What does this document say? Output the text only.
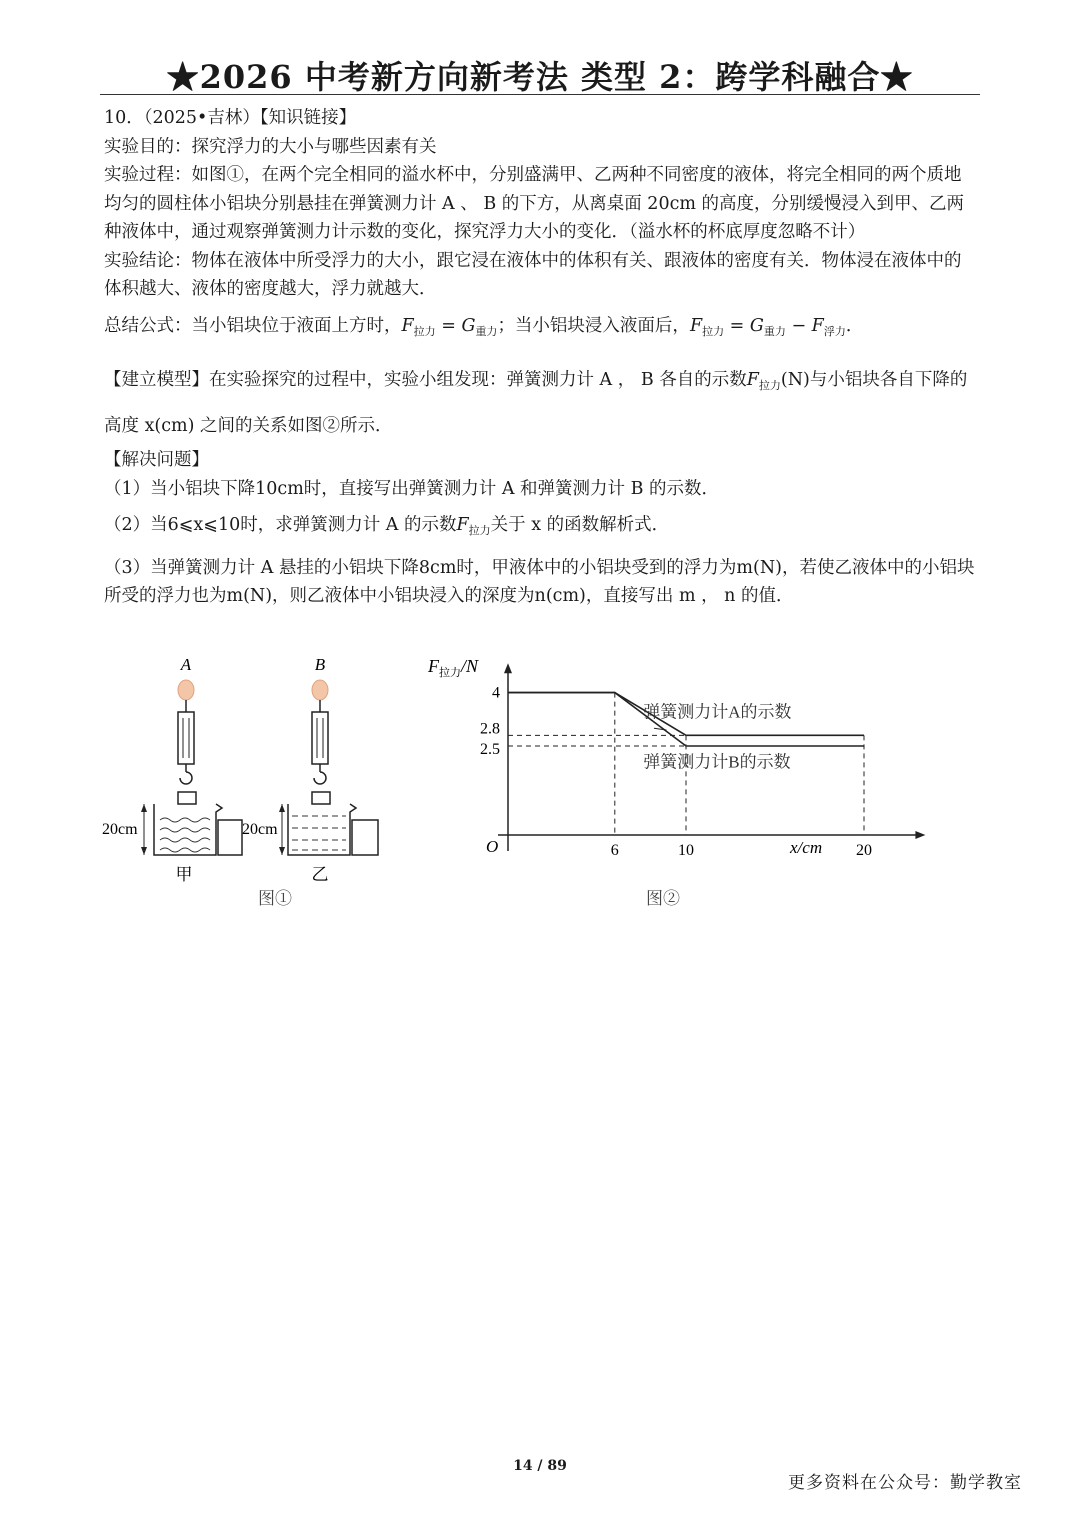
★2026 中考新方向新考法 类型 2：跨学科融合★

10．（2025•吉林）【知识链接】

实验目的：探究浮力的大小与哪些因素有关

实验过程：如图①，在两个完全相同的溢水杯中，分别盛满甲、乙两种不同密度的液体，将完全相同的两个质地均匀的圆柱体小铝块分别悬挂在弹簧测力计 A 、 B 的下方，从离桌面 20cm 的高度，分别缓慢浸入到甲、乙两种液体中，通过观察弹簧测力计示数的变化，探究浮力大小的变化．（溢水杯的杯底厚度忽略不计）

实验结论：物体在液体中所受浮力的大小，跟它浸在液体中的体积有关、跟液体的密度有关．物体浸在液体中的体积越大、液体的密度越大，浮力就越大．

总结公式：当小铝块位于液面上方时，$F_{拉力} = G_{重力}$；当小铝块浸入液面后，$F_{拉力} = G_{重力} - F_{浮力}$．

【建立模型】在实验探究的过程中，实验小组发现：弹簧测力计 A ， B 各自的示数$F_{拉力}(N)$与小铝块各自下降的高度 x(cm) 之间的关系如图②所示．

【解决问题】

（1）当小铝块下降10cm时，直接写出弹簧测力计 A 和弹簧测力计 B 的示数．

（2）当6⩽x⩽10时，求弹簧测力计 A 的示数$F_{拉力}$关于 x 的函数解析式．

（3）当弹簧测力计 A 悬挂的小铝块下降8cm时，甲液体中的小铝块受到的浮力为m(N)，若使乙液体中的小铝块所受的浮力也为m(N)，则乙液体中小铝块浸入的深度为n(cm)，直接写出 m ， n 的值．

A
20cm
甲
B
20cm
乙
图①
$F_{拉力}/N$
x/cm
O
图②
4
2.8
2.5
6	10	20
弹簧测力计A的示数
弹簧测力计B的示数
14 / 89
更多资料在公众号：勤学教室
